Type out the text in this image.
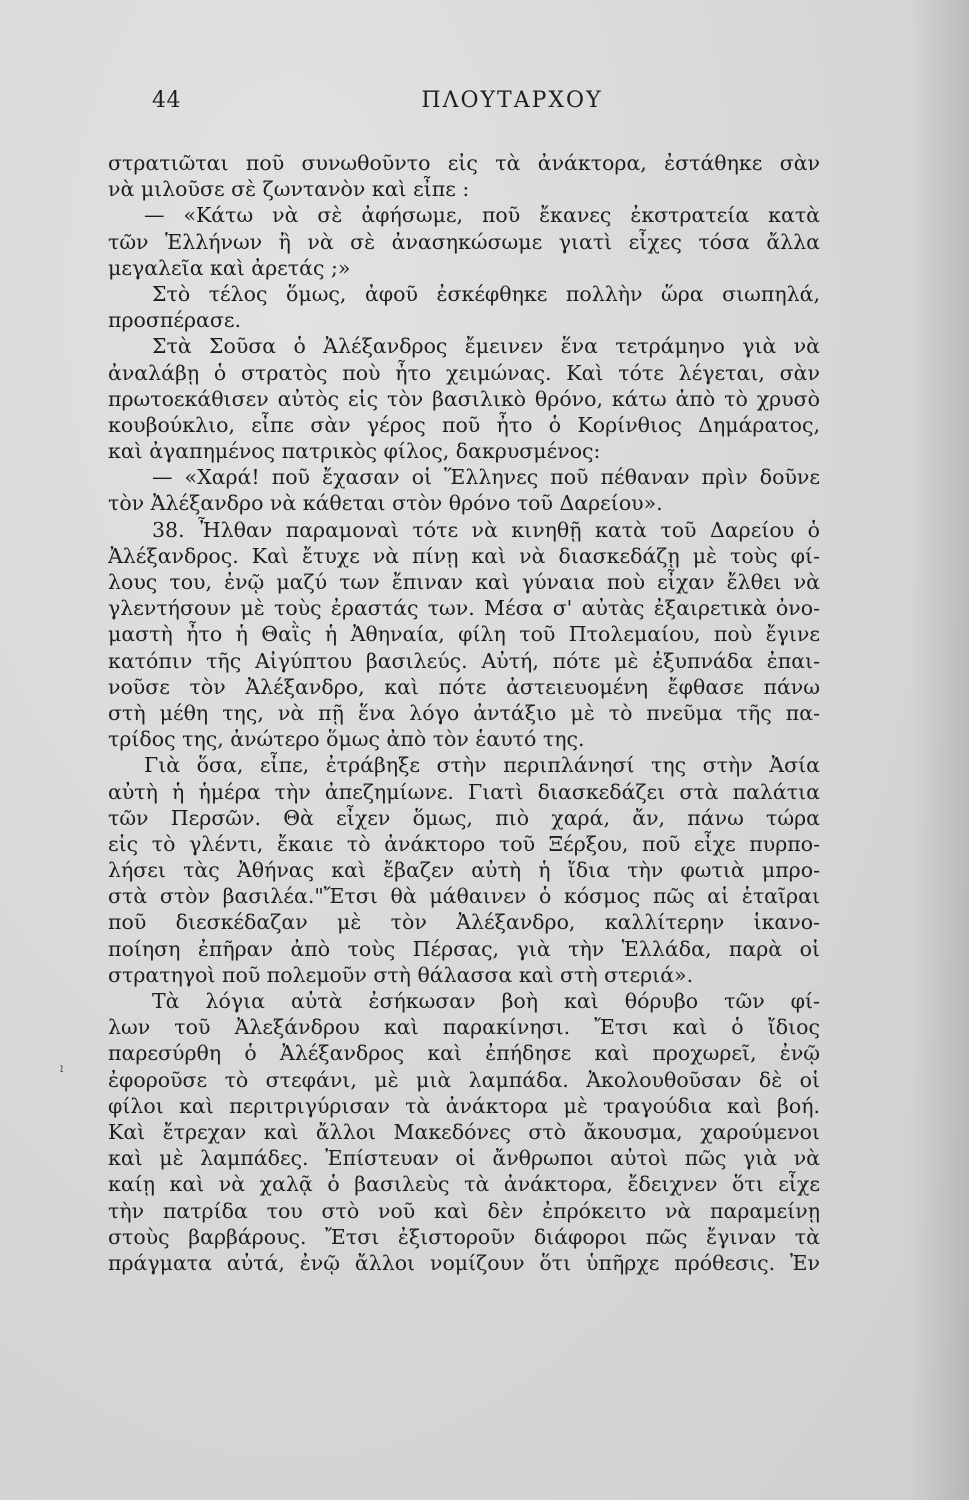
44	ΠΛΟΥΤΑΡΧΟΥ
ܐ
στρατιῶται ποῦ συνωθοῦντο εἰς τὰ ἀνάκτορα, ἐστάθηκε σὰν
νὰ μιλοῦσε σὲ ζωντανὸν καὶ εἶπε :
— «Κάτω νὰ σὲ ἀφήσωμε, ποῦ ἔκανες ἐκστρατεία κατὰ
τῶν Ἑλλήνων ἢ νὰ σὲ ἀνασηκώσωμε γιατὶ εἶχες τόσα ἄλλα
μεγαλεῖα καὶ ἀρετάς ;»
Στὸ τέλος ὅμως, ἀφοῦ ἐσκέφθηκε πολλὴν ὥρα σιωπηλά,
προσπέρασε.
Στὰ Σοῦσα ὁ Ἀλέξανδρος ἔμεινεν ἕνα τετράμηνο γιὰ νὰ
ἀναλάβῃ ὁ στρατὸς ποὺ ἦτο χειμώνας. Καὶ τότε λέγεται, σὰν
πρωτοεκάθισεν αὐτὸς εἰς τὸν βασιλικὸ θρόνο, κάτω ἀπὸ τὸ χρυσὸ
κουβούκλιο, εἶπε σὰν γέρος ποῦ ἦτο ὁ Κορίνθιος Δημάρατος,
καὶ ἀγαπημένος πατρικὸς φίλος, δακρυσμένος:
— «Χαρά! ποῦ ἔχασαν οἱ Ἕλληνες ποῦ πέθαναν πρὶν δοῦνε
τὸν Ἀλέξανδρο νὰ κάθεται στὸν θρόνο τοῦ Δαρείου».
38. Ἦλθαν παραμοναὶ τότε νὰ κινηθῇ κατὰ τοῦ Δαρείου ὁ
Ἀλέξανδρος. Καὶ ἔτυχε νὰ πίνῃ καὶ νὰ διασκεδάζῃ μὲ τοὺς φί-
λους του, ἐνῷ μαζύ των ἔπιναν καὶ γύναια ποὺ εἶχαν ἔλθει νὰ
γλεντήσουν μὲ τοὺς ἐραστάς των. Μέσα σ' αὐτὰς ἐξαιρετικὰ ὀνο-
μαστὴ ἦτο ἡ Θαῒς ἡ Ἀθηναία, φίλη τοῦ Πτολεμαίου, ποὺ ἔγινε
κατόπιν τῆς Αἰγύπτου βασιλεύς. Αὐτή, πότε μὲ ἐξυπνάδα ἐπαι-
νοῦσε τὸν Ἀλέξανδρο, καὶ πότε ἀστειευομένη ἔφθασε πάνω
στὴ μέθη της, νὰ πῇ ἕνα λόγο ἀντάξιο μὲ τὸ πνεῦμα τῆς πα-
τρίδος της, ἀνώτερο ὅμως ἀπὸ τὸν ἑαυτό της.
Γιὰ ὅσα, εἶπε, ἐτράβηξε στὴν περιπλάνησί της στὴν Ἀσία
αὐτὴ ἡ ἡμέρα τὴν ἀπεζημίωνε. Γιατὶ διασκεδάζει στὰ παλάτια
τῶν Περσῶν. Θὰ εἶχεν ὅμως, πιὸ χαρά, ἄν, πάνω τώρα
εἰς τὸ γλέντι, ἔκαιε τὸ ἀνάκτορο τοῦ Ξέρξου, ποῦ εἶχε πυρπο-
λήσει τὰς Ἀθήνας καὶ ἔβαζεν αὐτὴ ἡ ἴδια τὴν φωτιὰ μπρο-
στὰ στὸν βασιλέα."Ἔτσι θὰ μάθαινεν ὁ κόσμος πῶς αἱ ἑταῖραι
ποῦ διεσκέδαζαν μὲ τὸν Ἀλέξανδρο, καλλίτερην ἱκανο-
ποίηση ἐπῆραν ἀπὸ τοὺς Πέρσας, γιὰ τὴν Ἑλλάδα, παρὰ οἱ
στρατηγοὶ ποῦ πολεμοῦν στὴ θάλασσα καὶ στὴ στεριά».
Τὰ λόγια αὐτὰ ἐσήκωσαν βοὴ καὶ θόρυβο τῶν φί-
λων τοῦ Ἀλεξάνδρου καὶ παρακίνησι. Ἔτσι καὶ ὁ ἴδιος
παρεσύρθη ὁ Ἀλέξανδρος καὶ ἐπήδησε καὶ προχωρεῖ, ἐνῷ
ἐφοροῦσε τὸ στεφάνι, μὲ μιὰ λαμπάδα. Ἀκολουθοῦσαν δὲ οἱ
φίλοι καὶ περιτριγύρισαν τὰ ἀνάκτορα μὲ τραγούδια καὶ βοή.
Καὶ ἔτρεχαν καὶ ἄλλοι Μακεδόνες στὸ ἄκουσμα, χαρούμενοι
καὶ μὲ λαμπάδες. Ἐπίστευαν οἱ ἄνθρωποι αὐτοὶ πῶς γιὰ νὰ
καίῃ καὶ νὰ χαλᾷ ὁ βασιλεὺς τὰ ἀνάκτορα, ἔδειχνεν ὅτι εἶχε
τὴν πατρίδα του στὸ νοῦ καὶ δὲν ἐπρόκειτο νὰ παραμείνῃ
στοὺς βαρβάρους. Ἔτσι ἐξιστοροῦν διάφοροι πῶς ἔγιναν τὰ
πράγματα αὐτά, ἐνῷ ἄλλοι νομίζουν ὅτι ὑπῆρχε πρόθεσις. Ἐν
